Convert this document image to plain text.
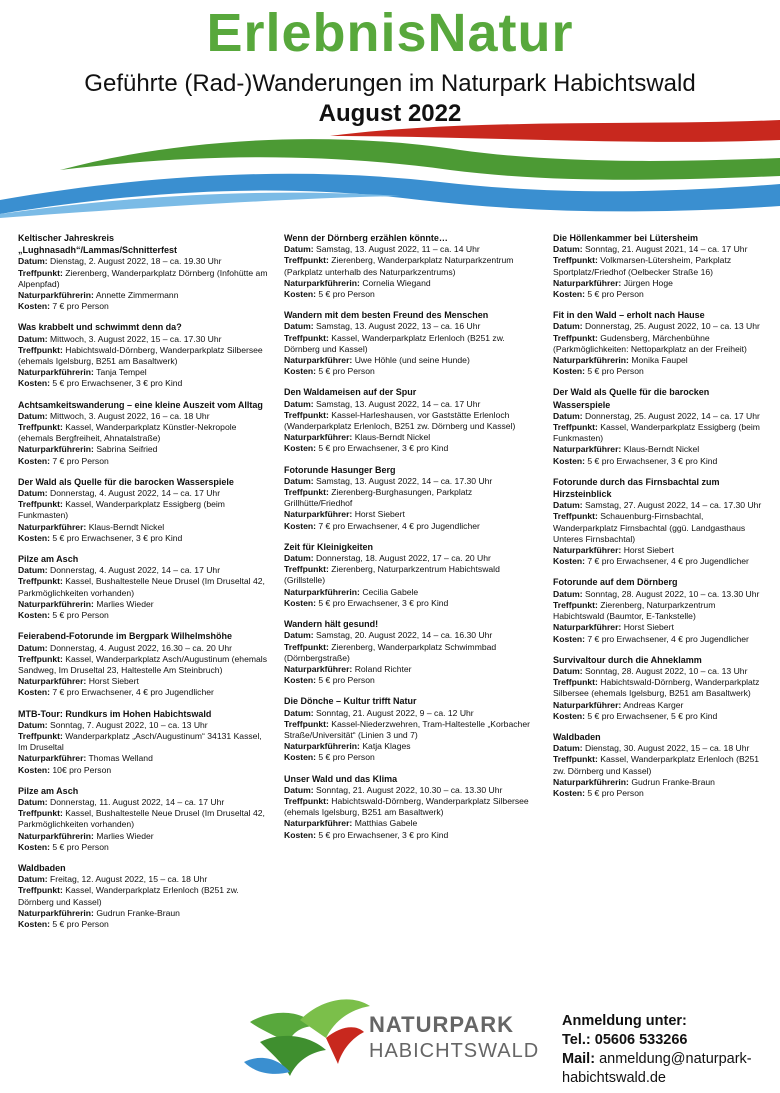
ErlebnisNatur
Geführte (Rad-)Wanderungen im Naturpark Habichtswald
August 2022
Keltischer Jahreskreis „Lughnasadh“/Lammas/Schnitterfest
Datum: Dienstag, 2. August 2022, 18 – ca. 19.30 Uhr
Treffpunkt: Zierenberg, Wanderparkplatz Dörnberg (Infohütte am Alpenpfad)
Naturparkführerin: Annette Zimmermann
Kosten: 7 € pro Person
Was krabbelt und schwimmt denn da?
Datum: Mittwoch, 3. August 2022, 15 – ca. 17.30 Uhr
Treffpunkt: Habichtswald-Dörnberg, Wanderparkplatz Silbersee (ehemals Igelsburg, B251 am Basaltwerk)
Naturparkführerin: Tanja Tempel
Kosten: 5 € pro Erwachsener, 3 € pro Kind
Achtsamkeitswanderung – eine kleine Auszeit vom Alltag
Datum: Mittwoch, 3. August 2022, 16 – ca. 18 Uhr
Treffpunkt: Kassel, Wanderparkplatz Künstler-Nekropole (ehemals Bergfreiheit, Ahnatalstraße)
Naturparkführerin: Sabrina Seifried
Kosten: 7 € pro Person
Der Wald als Quelle für die barocken Wasserspiele
Datum: Donnerstag, 4. August 2022, 14 – ca. 17 Uhr
Treffpunkt: Kassel, Wanderparkplatz Essigberg (beim Funkmasten)
Naturparkführer: Klaus-Berndt Nickel
Kosten: 5 € pro Erwachsener, 3 € pro Kind
Pilze am Asch
Datum: Donnerstag, 4. August 2022, 14 – ca. 17 Uhr
Treffpunkt: Kassel, Bushaltestelle Neue Drusel (Im Druseltal 42, Parkmöglichkeiten vorhanden)
Naturparkführerin: Marlies Wieder
Kosten: 5 € pro Person
Feierabend-Fotorunde im Bergpark Wilhelmshöhe
Datum: Donnerstag, 4. August 2022, 16.30 – ca. 20 Uhr
Treffpunkt: Kassel, Wanderparkplatz Asch/Augustinum (ehemals Sandweg, Im Druseltal 23, Haltestelle Am Steinbruch)
Naturparkführer: Horst Siebert
Kosten: 7 € pro Erwachsener, 4 € pro Jugendlicher
MTB-Tour: Rundkurs im Hohen Habichtswald
Datum: Sonntag, 7. August 2022, 10 – ca. 13 Uhr
Treffpunkt: Wanderparkplatz „Asch/Augustinum“ 34131 Kassel, Im Druseltal
Naturparkführer: Thomas Welland
Kosten: 10€ pro Person
Pilze am Asch
Datum: Donnerstag, 11. August 2022, 14 – ca. 17 Uhr
Treffpunkt: Kassel, Bushaltestelle Neue Drusel (Im Druseltal 42, Parkmöglichkeiten vorhanden)
Naturparkführerin: Marlies Wieder
Kosten: 5 € pro Person
Waldbaden
Datum: Freitag, 12. August 2022, 15 – ca. 18 Uhr
Treffpunkt: Kassel, Wanderparkplatz Erlenloch (B251 zw. Dörnberg und Kassel)
Naturparkführerin: Gudrun Franke-Braun
Kosten: 5 € pro Person
Wenn der Dörnberg erzählen könnte…
Datum: Samstag, 13. August 2022, 11 – ca. 14 Uhr
Treffpunkt: Zierenberg, Wanderparkplatz Naturparkzentrum (Parkplatz unterhalb des Naturparkzentrums)
Naturparkführerin: Cornelia Wiegand
Kosten: 5 € pro Person
Wandern mit dem besten Freund des Menschen
Datum: Samstag, 13. August 2022, 13 – ca. 16 Uhr
Treffpunkt: Kassel, Wanderparkplatz Erlenloch (B251 zw. Dörnberg und Kassel)
Naturparkführer: Uwe Höhle (und seine Hunde)
Kosten: 5 € pro Person
Den Waldameisen auf der Spur
Datum: Samstag, 13. August 2022, 14 – ca. 17 Uhr
Treffpunkt: Kassel-Harleshausen, vor Gaststätte Erlenloch (Wanderparkplatz Erlenloch, B251 zw. Dörnberg und Kassel)
Naturparkführer: Klaus-Berndt Nickel
Kosten: 5 € pro Erwachsener, 3 € pro Kind
Fotorunde Hasunger Berg
Datum: Samstag, 13. August 2022, 14 – ca. 17.30 Uhr
Treffpunkt: Zierenberg-Burghasungen, Parkplatz Grillhütte/Friedhof
Naturparkführer: Horst Siebert
Kosten: 7 € pro Erwachsener, 4 € pro Jugendlicher
Zeit für Kleinigkeiten
Datum: Donnerstag, 18. August 2022, 17 – ca. 20 Uhr
Treffpunkt: Zierenberg, Naturparkzentrum Habichtswald (Grillstelle)
Naturparkführerin: Cecilia Gabele
Kosten: 5 € pro Erwachsener, 3 € pro Kind
Wandern hält gesund!
Datum: Samstag, 20. August 2022, 14 – ca. 16.30 Uhr
Treffpunkt: Zierenberg, Wanderparkplatz Schwimmbad (Dörnbergstraße)
Naturparkführer: Roland Richter
Kosten: 5 € pro Person
Die Dönche – Kultur trifft Natur
Datum: Sonntag, 21. August 2022, 9 – ca. 12 Uhr
Treffpunkt: Kassel-Niederzwehren, Tram-Haltestelle „Korbacher Straße/Universität“ (Linien 3 und 7)
Naturparkführerin: Katja Klages
Kosten: 5 € pro Person
Unser Wald und das Klima
Datum: Sonntag, 21. August 2022, 10.30 – ca. 13.30 Uhr
Treffpunkt: Habichtswald-Dörnberg, Wanderparkplatz Silbersee (ehemals Igelsburg, B251 am Basaltwerk)
Naturparkführer: Matthias Gabele
Kosten: 5 € pro Erwachsener, 3 € pro Kind
Die Höllenkammer bei Lütersheim
Datum: Sonntag, 21. August 2021, 14 – ca. 17 Uhr
Treffpunkt: Volkmarsen-Lütersheim, Parkplatz Sportplatz/Friedhof (Oelbecker Straße 16)
Naturparkführer: Jürgen Hoge
Kosten: 5 € pro Person
Fit in den Wald – erholt nach Hause
Datum: Donnerstag, 25. August 2022, 10 – ca. 13 Uhr
Treffpunkt: Gudensberg, Märchenbühne (Parkmöglichkeiten: Nettoparkplatz an der Freiheit)
Naturparkführerin: Monika Faupel
Kosten: 5 € pro Person
Der Wald als Quelle für die barocken Wasserspiele
Datum: Donnerstag, 25. August 2022, 14 – ca. 17 Uhr
Treffpunkt: Kassel, Wanderparkplatz Essigberg (beim Funkmasten)
Naturparkführer: Klaus-Berndt Nickel
Kosten: 5 € pro Erwachsener, 3 € pro Kind
Fotorunde durch das Firnsbachtal zum Hirzsteinblick
Datum: Samstag, 27. August 2022, 14 – ca. 17.30 Uhr
Treffpunkt: Schauenburg-Firnsbachtal, Wanderparkplatz Firnsbachtal (ggü. Landgasthaus Unteres Firnsbachtal)
Naturparkführer: Horst Siebert
Kosten: 7 € pro Erwachsener, 4 € pro Jugendlicher
Fotorunde auf dem Dörnberg
Datum: Sonntag, 28. August 2022, 10 – ca. 13.30 Uhr
Treffpunkt: Zierenberg, Naturparkzentrum Habichtswald (Baumtor, E-Tankstelle)
Naturparkführer: Horst Siebert
Kosten: 7 € pro Erwachsener, 4 € pro Jugendlicher
Survivaltour durch die Ahneklamm
Datum: Sonntag, 28. August 2022, 10 – ca. 13 Uhr
Treffpunkt: Habichtswald-Dörnberg, Wanderparkplatz Silbersee (ehemals Igelsburg, B251 am Basaltwerk)
Naturparkführer: Andreas Karger
Kosten: 5 € pro Erwachsener, 5 € pro Kind
Waldbaden
Datum: Dienstag, 30. August 2022, 15 – ca. 18 Uhr
Treffpunkt: Kassel, Wanderparkplatz Erlenloch (B251 zw. Dörnberg und Kassel)
Naturparkführerin: Gudrun Franke-Braun
Kosten: 5 € pro Person
NATURPARK
HABICHTSWALD
Anmeldung unter:
Tel.: 05606 533266
Mail: anmeldung@naturpark-
habichtswald.de
